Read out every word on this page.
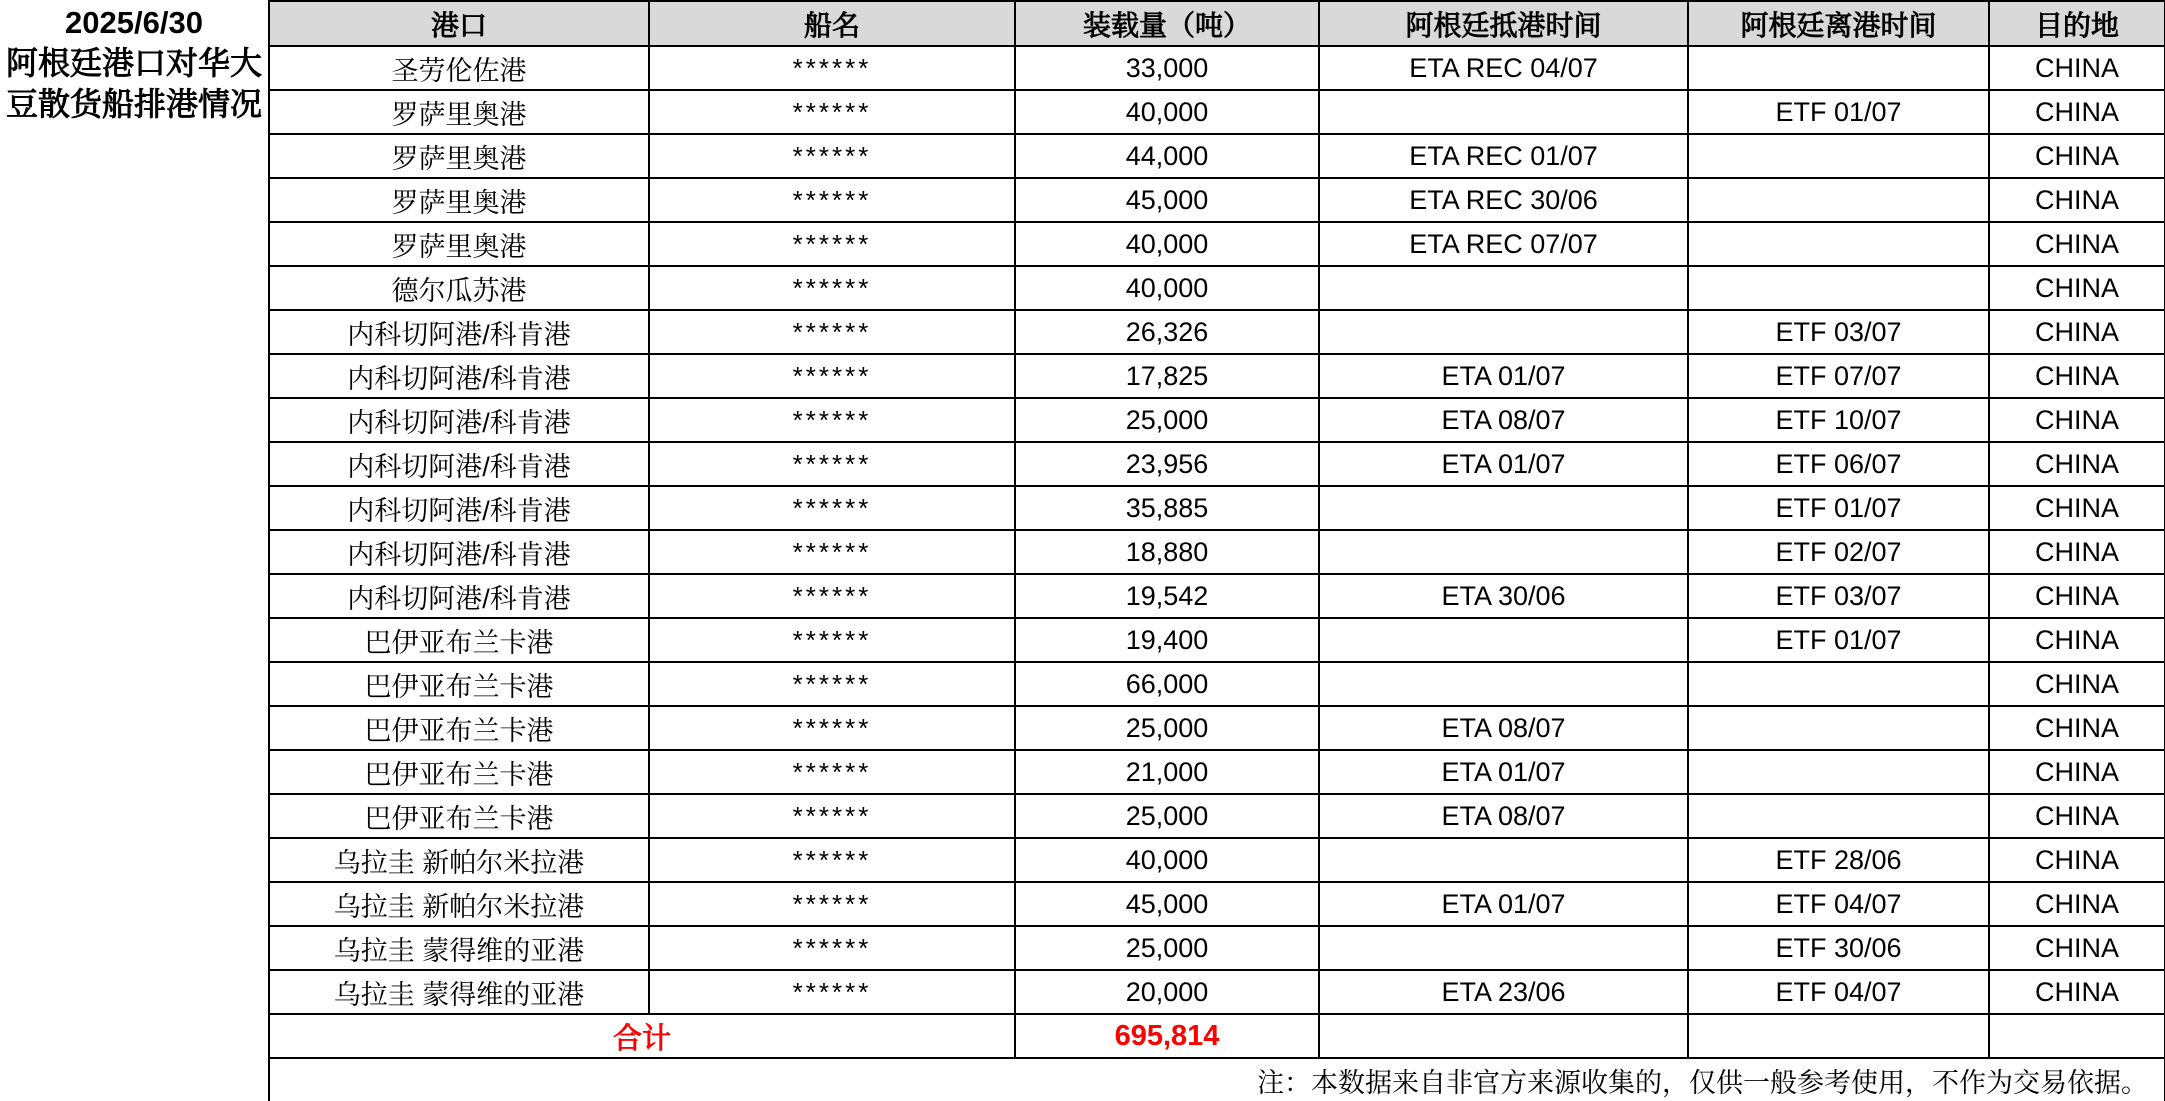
2025/6/30
阿根廷港口对华大豆散货船排港情况	港口	船名	装载量（吨）	阿根廷抵港时间	阿根廷离港时间	目的地
	圣劳伦佐港	******	33,000	ETA REC 04/07		CHINA
	罗萨里奥港	******	40,000		ETF 01/07	CHINA
	罗萨里奥港	******	44,000	ETA REC 01/07		CHINA
	罗萨里奥港	******	45,000	ETA REC 30/06		CHINA
	罗萨里奥港	******	40,000	ETA REC 07/07		CHINA
	德尔瓜苏港	******	40,000			CHINA
	内科切阿港/科肯港	******	26,326		ETF 03/07	CHINA
	内科切阿港/科肯港	******	17,825	ETA 01/07	ETF 07/07	CHINA
	内科切阿港/科肯港	******	25,000	ETA 08/07	ETF 10/07	CHINA
	内科切阿港/科肯港	******	23,956	ETA 01/07	ETF 06/07	CHINA
	内科切阿港/科肯港	******	35,885		ETF 01/07	CHINA
	内科切阿港/科肯港	******	18,880		ETF 02/07	CHINA
	内科切阿港/科肯港	******	19,542	ETA 30/06	ETF 03/07	CHINA
	巴伊亚布兰卡港	******	19,400		ETF 01/07	CHINA
	巴伊亚布兰卡港	******	66,000			CHINA
	巴伊亚布兰卡港	******	25,000	ETA 08/07		CHINA
	巴伊亚布兰卡港	******	21,000	ETA 01/07		CHINA
	巴伊亚布兰卡港	******	25,000	ETA 08/07		CHINA
	乌拉圭 新帕尔米拉港	******	40,000		ETF 28/06	CHINA
	乌拉圭 新帕尔米拉港	******	45,000	ETA 01/07	ETF 04/07	CHINA
	乌拉圭 蒙得维的亚港	******	25,000		ETF 30/06	CHINA
	乌拉圭 蒙得维的亚港	******	20,000	ETA 23/06	ETF 04/07	CHINA
	合计		695,814			
	注：本数据来自非官方来源收集的，仅供一般参考使用，不作为交易依据。					
